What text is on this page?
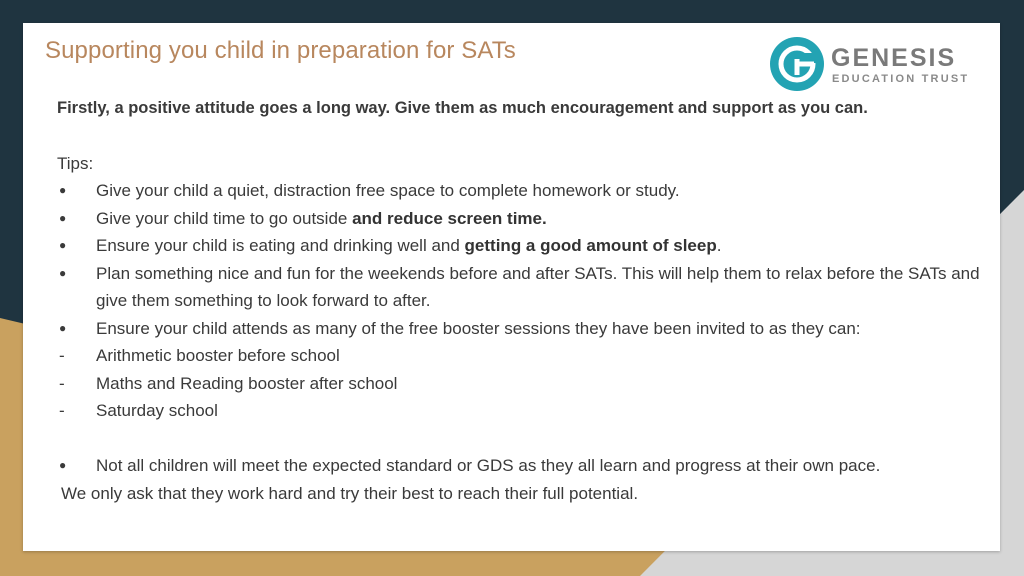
Supporting you child in preparation for SATs	GENESIS
EDUCATION TRUST

Firstly, a positive attitude goes a long way. Give them as much encouragement and support as you can.

Tips:
●	Give your child a quiet, distraction free space to complete homework or study.
●	Give your child time to go outside and reduce screen time.
●	Ensure your child is eating and drinking well and getting a good amount of sleep.
●	Plan something nice and fun for the weekends before and after SATs. This will help them to relax before the SATs and give them something to look forward to after.
●	Ensure your child attends as many of the free booster sessions they have been invited to as they can:
-	Arithmetic booster before school
-	Maths and Reading booster after school
-	Saturday school
●	Not all children will meet the expected standard or GDS as they all learn and progress at their own pace.
We only ask that they work hard and try their best to reach their full potential.
